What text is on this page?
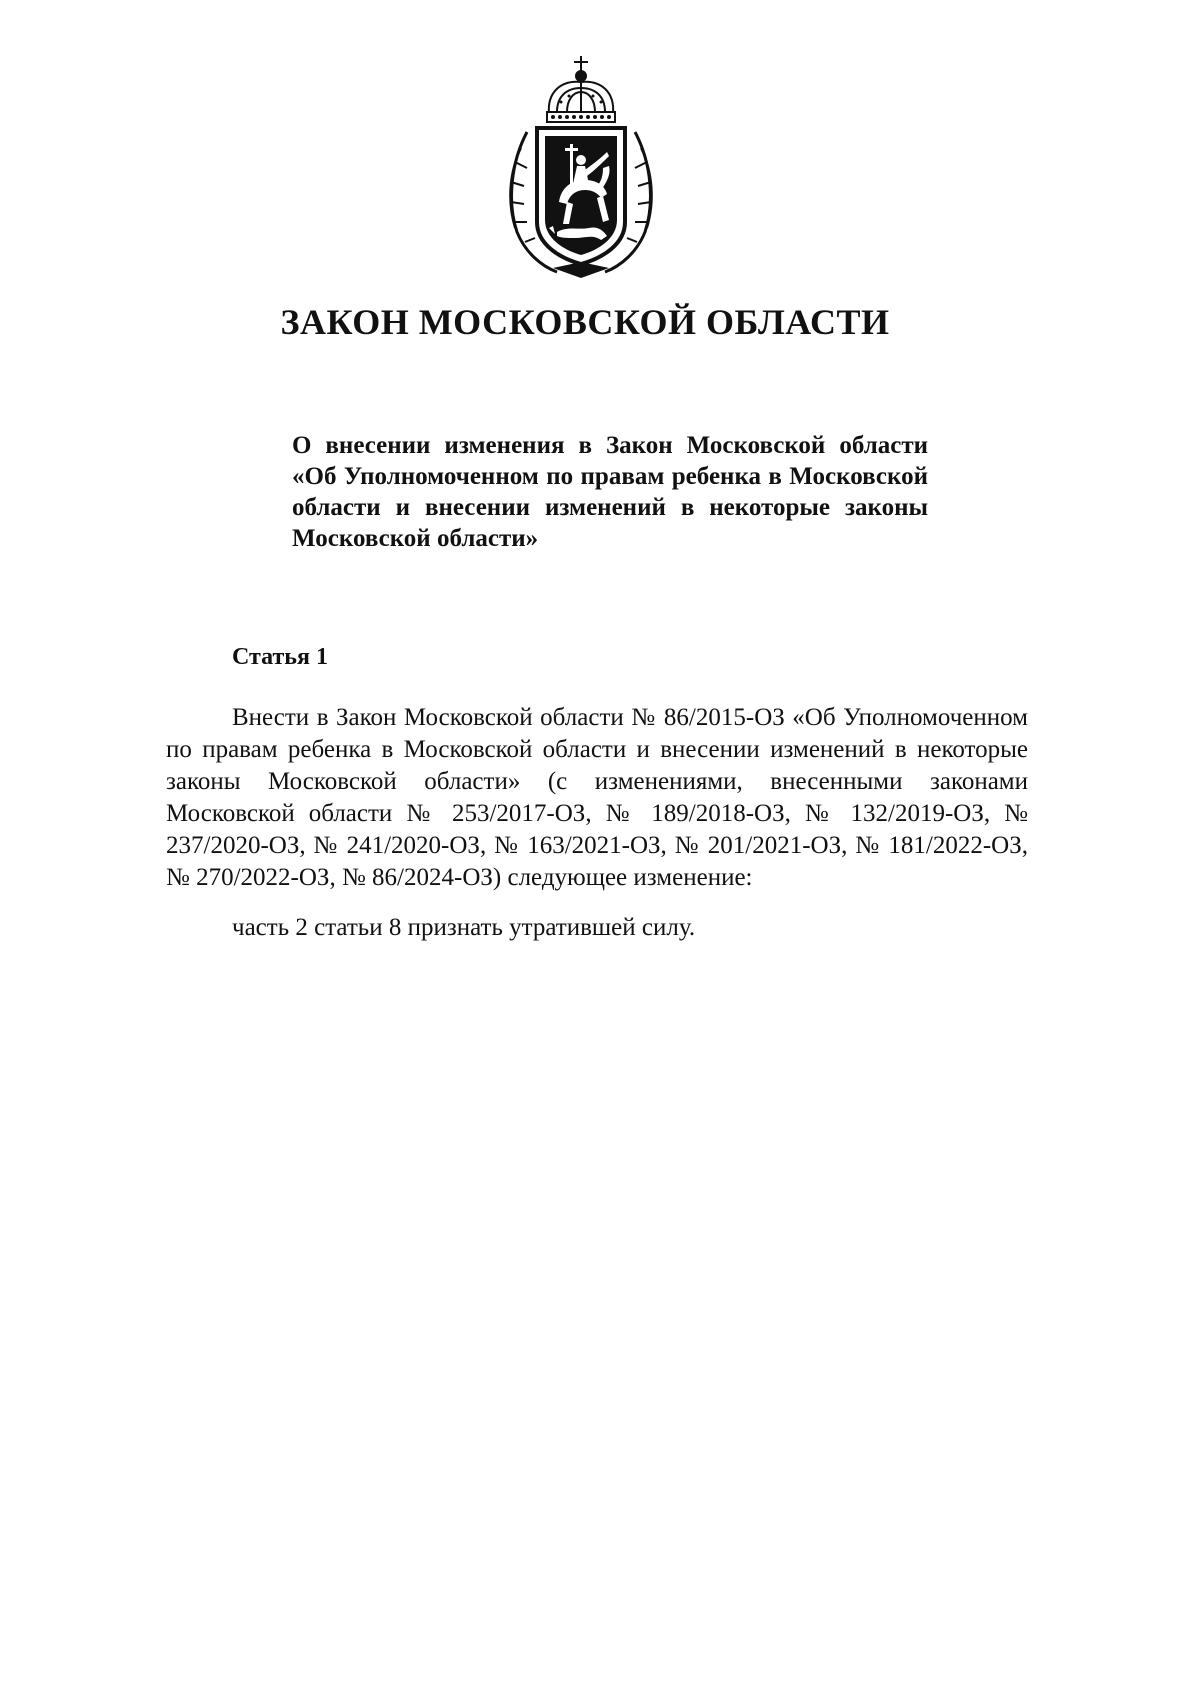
ЗАКОН МОСКОВСКОЙ ОБЛАСТИ

О внесении изменения в Закон Московской области «Об Уполномоченном по правам ребенка в Московской области и внесении изменений в некоторые законы Московской области»

Статья 1

Внести в Закон Московской области № 86/2015-ОЗ «Об Уполномоченном по правам ребенка в Московской области и внесении изменений в некоторые законы Московской области» (с изменениями, внесенными законами Московской области № 253/2017-ОЗ, № 189/2018-ОЗ, № 132/2019-ОЗ, № 237/2020-ОЗ, № 241/2020-ОЗ, № 163/2021-ОЗ, № 201/2021-ОЗ, № 181/2022-ОЗ, № 270/2022-ОЗ, № 86/2024-ОЗ) следующее изменение:

часть 2 статьи 8 признать утратившей силу.
